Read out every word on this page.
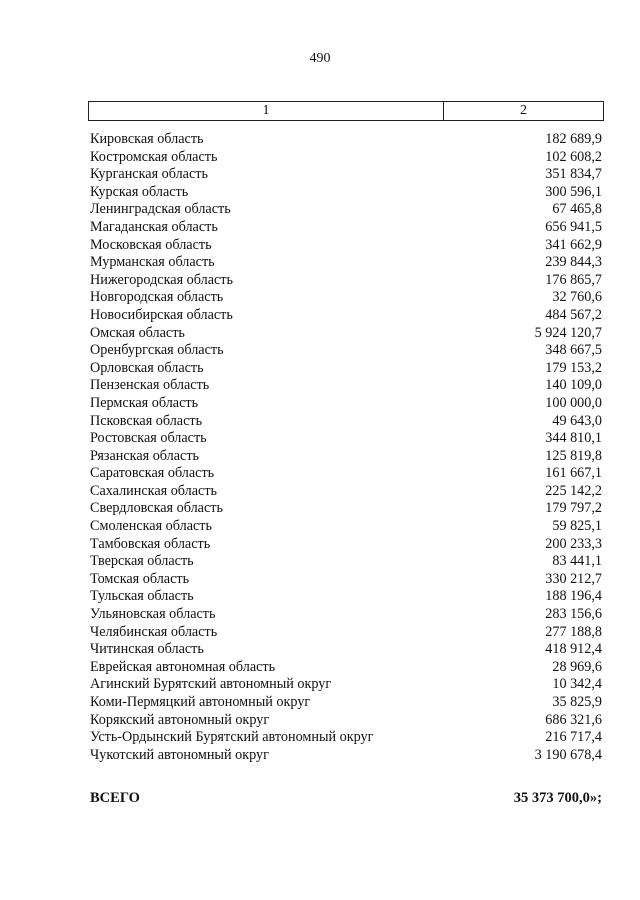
490
1	2
Кировская область	182 689,9
Костромская область	102 608,2
Курганская область	351 834,7
Курская область	300 596,1
Ленинградская область	67 465,8
Магаданская область	656 941,5
Московская область	341 662,9
Мурманская область	239 844,3
Нижегородская область	176 865,7
Новгородская область	32 760,6
Новосибирская область	484 567,2
Омская область	5 924 120,7
Оренбургская область	348 667,5
Орловская область	179 153,2
Пензенская область	140 109,0
Пермская область	100 000,0
Псковская область	49 643,0
Ростовская область	344 810,1
Рязанская область	125 819,8
Саратовская область	161 667,1
Сахалинская область	225 142,2
Свердловская область	179 797,2
Смоленская область	59 825,1
Тамбовская область	200 233,3
Тверская область	83 441,1
Томская область	330 212,7
Тульская область	188 196,4
Ульяновская область	283 156,6
Челябинская область	277 188,8
Читинская область	418 912,4
Еврейская автономная область	28 969,6
Агинский Бурятский автономный округ	10 342,4
Коми-Пермяцкий автономный округ	35 825,9
Корякский автономный округ	686 321,6
Усть-Ордынский Бурятский автономный округ	216 717,4
Чукотский автономный округ	3 190 678,4
ВСЕГО	35 373 700,0»;
